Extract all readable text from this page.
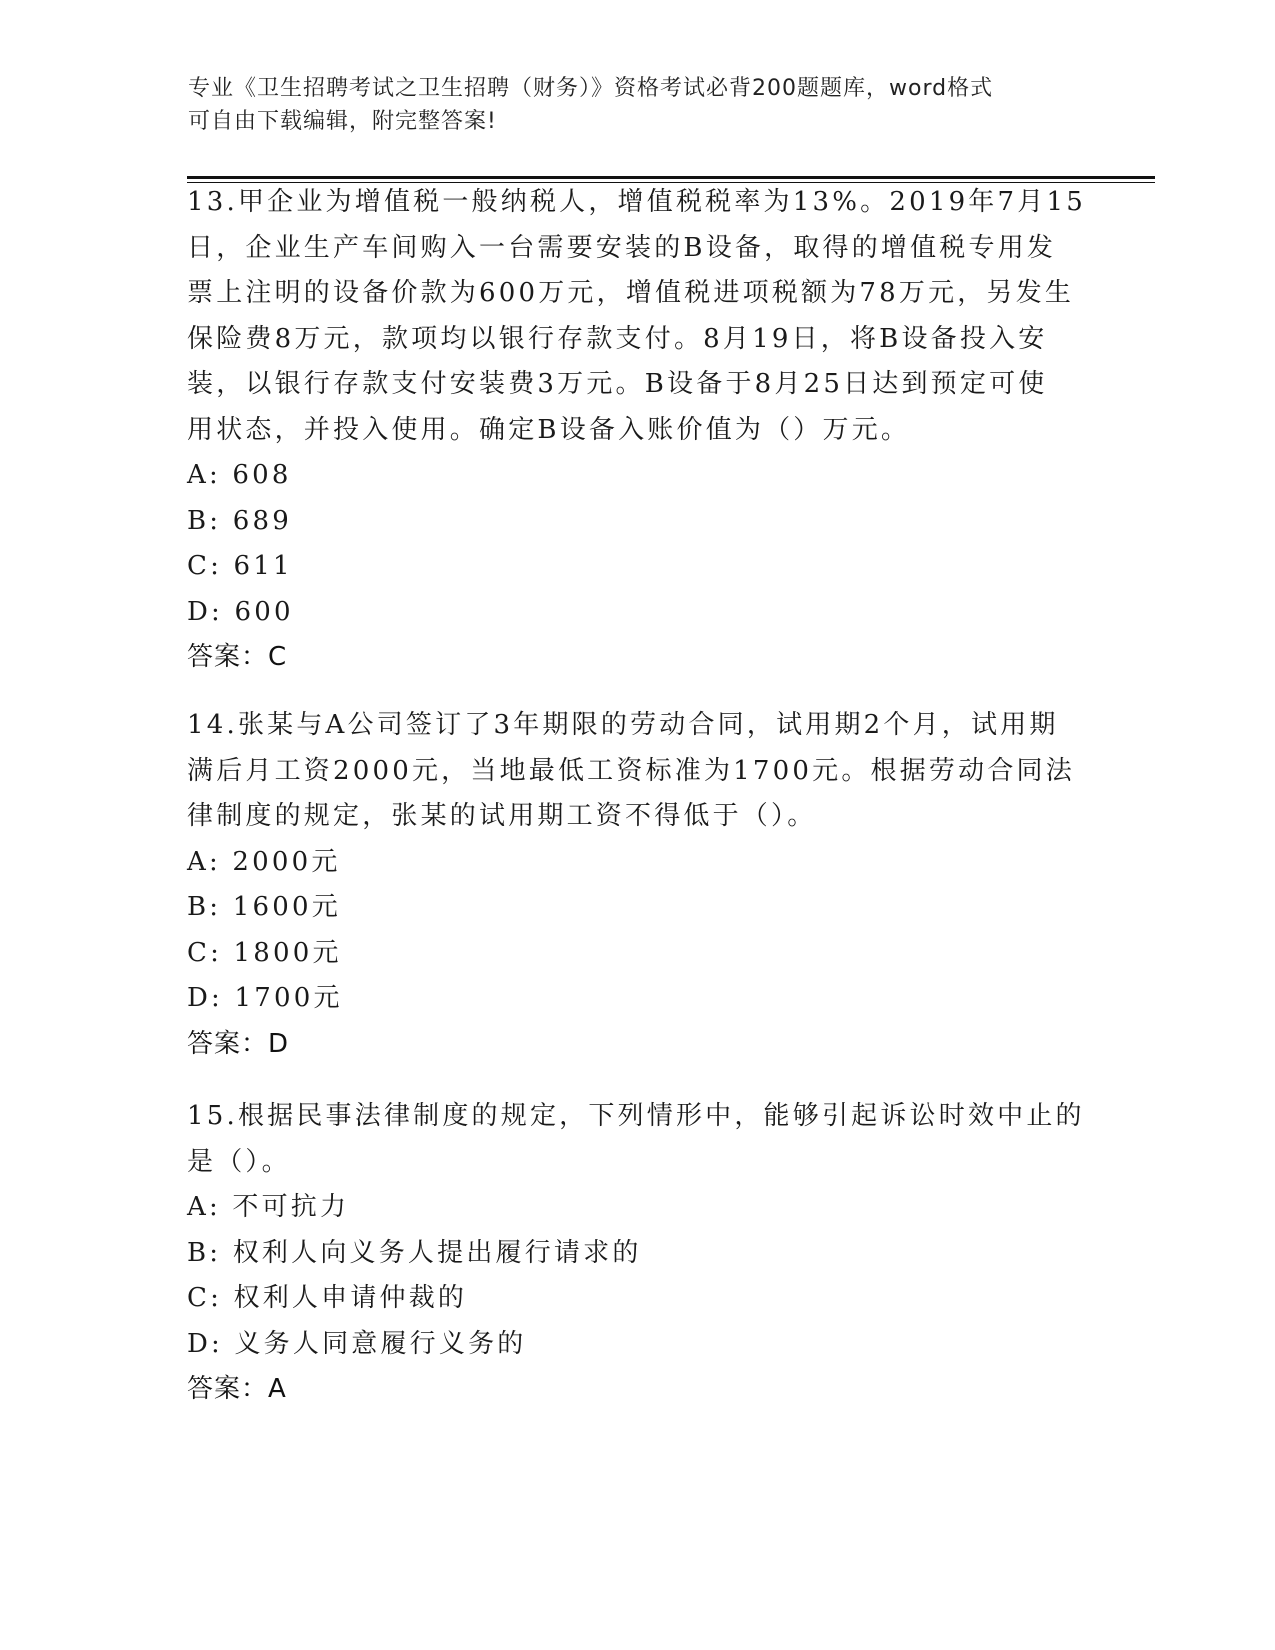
专业《卫生招聘考试之卫生招聘（财务）》资格考试必背200题题库，word格式
可自由下载编辑，附完整答案!
13.甲企业为增值税一般纳税人，增值税税率为13%。2019年7月15
日，企业生产车间购入一台需要安装的B设备，取得的增值税专用发
票上注明的设备价款为600万元，增值税进项税额为78万元，另发生
保险费8万元，款项均以银行存款支付。8月19日，将B设备投入安
装，以银行存款支付安装费3万元。B设备于8月25日达到预定可使
用状态，并投入使用。确定B设备入账价值为（）万元。
A: 608
B: 689
C: 611
D: 600
答案：C
14.张某与A公司签订了3年期限的劳动合同，试用期2个月，试用期
满后月工资2000元，当地最低工资标准为1700元。根据劳动合同法
律制度的规定，张某的试用期工资不得低于（）。
A: 2000元
B: 1600元
C: 1800元
D: 1700元
答案：D
15.根据民事法律制度的规定，下列情形中，能够引起诉讼时效中止的
是（）。
A: 不可抗力
B: 权利人向义务人提出履行请求的
C: 权利人申请仲裁的
D: 义务人同意履行义务的
答案：A
